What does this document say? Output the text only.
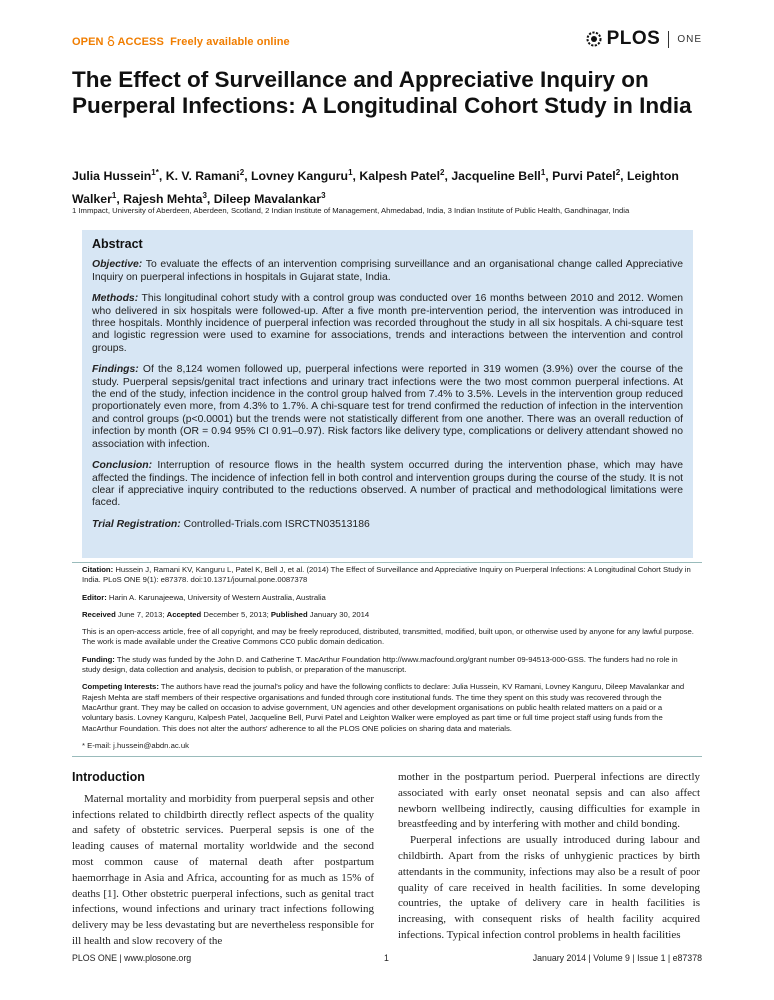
OPEN ACCESS Freely available online	PLOS ONE
The Effect of Surveillance and Appreciative Inquiry on Puerperal Infections: A Longitudinal Cohort Study in India
Julia Hussein$^{1*}$, K. V. Ramani$^2$, Lovney Kanguru$^1$, Kalpesh Patel$^2$, Jacqueline Bell$^1$, Purvi Patel$^2$, Leighton Walker$^1$, Rajesh Mehta$^3$, Dileep Mavalankar$^3$
1 Immpact, University of Aberdeen, Aberdeen, Scotland, 2 Indian Institute of Management, Ahmedabad, India, 3 Indian Institute of Public Health, Gandhinagar, India
Abstract

Objective: To evaluate the effects of an intervention comprising surveillance and an organisational change called Appreciative Inquiry on puerperal infections in hospitals in Gujarat state, India.

Methods: This longitudinal cohort study with a control group was conducted over 16 months between 2010 and 2012. Women who delivered in six hospitals were followed-up. After a five month pre-intervention period, the intervention was introduced in three hospitals. Monthly incidence of puerperal infection was recorded throughout the study in all six hospitals. A chi-square test and logistic regression were used to examine for associations, trends and interactions between the intervention and control groups.

Findings: Of the 8,124 women followed up, puerperal infections were reported in 319 women (3.9%) over the course of the study. Puerperal sepsis/genital tract infections and urinary tract infections were the two most common puerperal infections. At the end of the study, infection incidence in the control group halved from 7.4% to 3.5%. Levels in the intervention group reduced proportionately even more, from 4.3% to 1.7%. A chi-square test for trend confirmed the reduction of infection in the intervention and control groups (p<0.0001) but the trends were not statistically different from one another. There was an overall reduction of infection by month (OR = 0.94 95% CI 0.91–0.97). Risk factors like delivery type, complications or delivery attendant showed no association with infection.

Conclusion: Interruption of resource flows in the health system occurred during the intervention phase, which may have affected the findings. The incidence of infection fell in both control and intervention groups during the course of the study. It is not clear if appreciative inquiry contributed to the reductions observed. A number of practical and methodological limitations were faced.

Trial Registration: Controlled-Trials.com ISRCTN03513186

Citation: Hussein J, Ramani KV, Kanguru L, Patel K, Bell J, et al. (2014) The Effect of Surveillance and Appreciative Inquiry on Puerperal Infections: A Longitudinal Cohort Study in India. PLoS ONE 9(1): e87378. doi:10.1371/journal.pone.0087378

Editor: Harin A. Karunajeewa, University of Western Australia, Australia

Received June 7, 2013; Accepted December 5, 2013; Published January 30, 2014

This is an open-access article, free of all copyright, and may be freely reproduced, distributed, transmitted, modified, built upon, or otherwise used by anyone for any lawful purpose. The work is made available under the Creative Commons CC0 public domain dedication.

Funding: The study was funded by the John D. and Catherine T. MacArthur Foundation http://www.macfound.org/grant number 09-94513-000-GSS. The funders had no role in study design, data collection and analysis, decision to publish, or preparation of the manuscript.

Competing Interests: The authors have read the journal's policy and have the following conflicts to declare: Julia Hussein, KV Ramani, Lovney Kanguru, Dileep Mavalankar and Rajesh Mehta are staff members of their respective organisations and funded through core institutional funds. The time they spent on this study was recovered through the MacArthur grant. They may be called on occasion to advise government, UN agencies and other development organisations on public health related matters on a paid or a voluntary basis. Lovney Kanguru, Kalpesh Patel, Jacqueline Bell, Purvi Patel and Leighton Walker were employed as part time or full time project staff using funds from the MacArthur Foundation. This does not alter the authors' adherence to all the PLOS ONE policies on sharing data and materials.

* E-mail: j.hussein@abdn.ac.uk

Introduction

Maternal mortality and morbidity from puerperal sepsis and other infections related to childbirth directly reflect aspects of the quality and safety of obstetric services. Puerperal sepsis is one of the leading causes of maternal mortality worldwide and the second most common cause of maternal death after postpartum haemorrhage in Asia and Africa, accounting for as much as 15% of deaths [1]. Other obstetric puerperal infections, such as genital tract infections, wound infections and urinary tract infections following delivery may be less devastating but are nevertheless responsible for ill health and slow recovery of the

mother in the postpartum period. Puerperal infections are directly associated with early onset neonatal sepsis and can also affect newborn wellbeing indirectly, causing difficulties for example in breastfeeding and by interfering with mother and child bonding.

Puerperal infections are usually introduced during labour and childbirth. Apart from the risks of unhygienic practices by birth attendants in the community, infections may also be a result of poor quality of care received in health facilities. In some developing countries, the uptake of delivery care in health facilities is increasing, with consequent risks of health facility acquired infections. Typical infection control problems in health facilities

PLOS ONE | www.plosone.org	1	January 2014 | Volume 9 | Issue 1 | e87378
